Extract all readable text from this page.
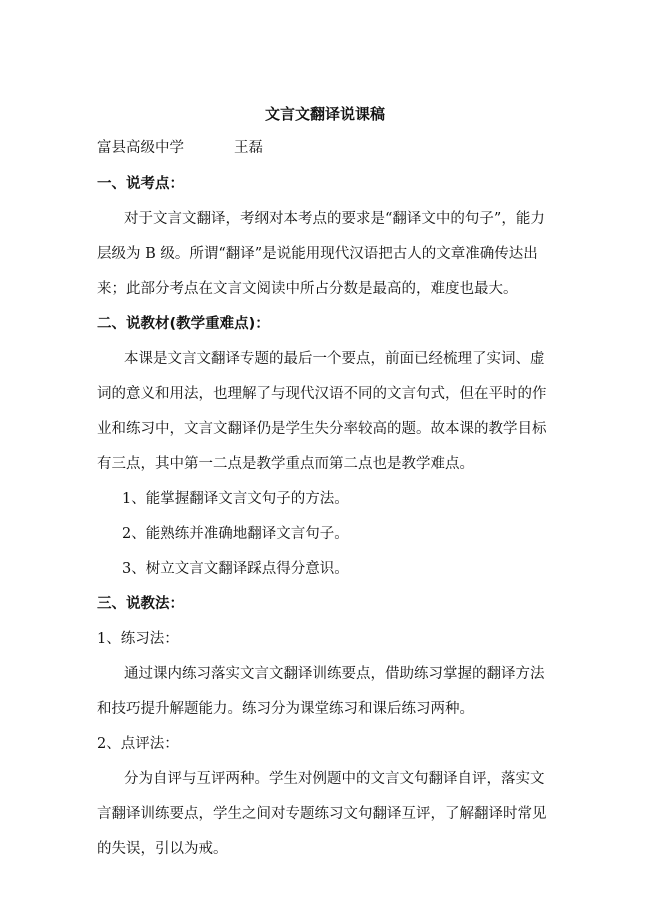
文言文翻译说课稿
富县高级中学	王磊
一、说考点：
对于文言文翻译，考纲对本考点的要求是“翻译文中的句子”，能力
层级为 B 级。所谓“翻译”是说能用现代汉语把古人的文章准确传达出
来；此部分考点在文言文阅读中所占分数是最高的，难度也最大。
二、说教材(教学重难点)：
本课是文言文翻译专题的最后一个要点，前面已经梳理了实词、虚
词的意义和用法，也理解了与现代汉语不同的文言句式，但在平时的作
业和练习中，文言文翻译仍是学生失分率较高的题。故本课的教学目标
有三点，其中第一二点是教学重点而第二点也是教学难点。
1、能掌握翻译文言文句子的方法。
2、能熟练并准确地翻译文言句子。
3、树立文言文翻译踩点得分意识。
三、说教法：
1、练习法：
通过课内练习落实文言文翻译训练要点，借助练习掌握的翻译方法
和技巧提升解题能力。练习分为课堂练习和课后练习两种。
2、点评法：
分为自评与互评两种。学生对例题中的文言文句翻译自评，落实文
言翻译训练要点，学生之间对专题练习文句翻译互评，了解翻译时常见
的失误，引以为戒。
